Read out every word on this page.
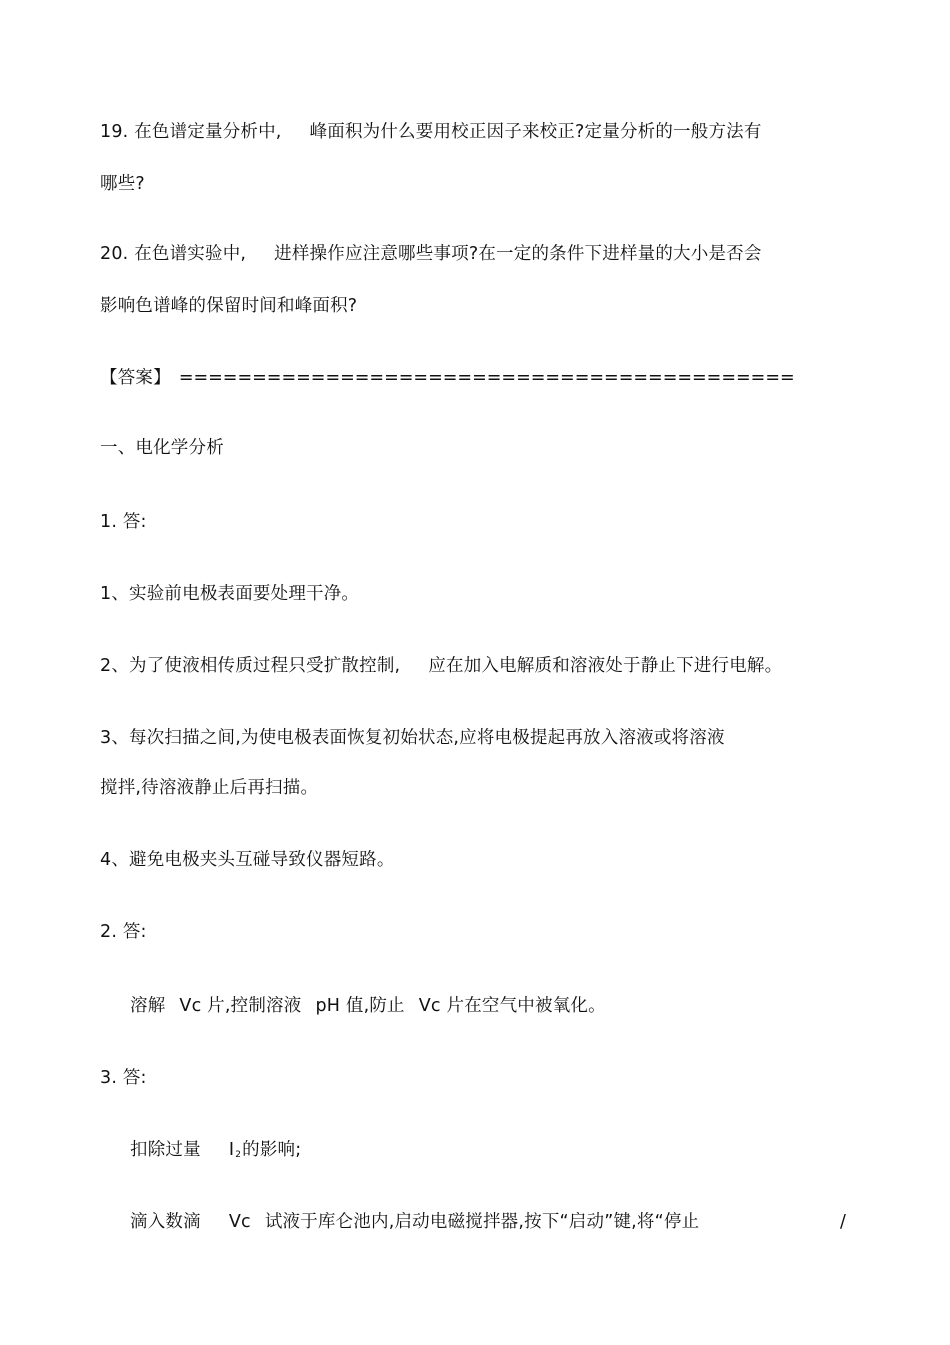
19. 在色谱定量分析中, 峰面积为什么要用校正因子来校正?定量分析的一般方法有
哪些?
20. 在色谱实验中, 进样操作应注意哪些事项?在一定的条件下进样量的大小是否会
影响色谱峰的保留时间和峰面积?
【答案】 ==========================================
一、电化学分析
1. 答:
1、实验前电极表面要处理干净。
2、为了使液相传质过程只受扩散控制, 应在加入电解质和溶液处于静止下进行电解。
3、每次扫描之间,为使电极表面恢复初始状态,应将电极提起再放入溶液或将溶液
搅拌,待溶液静止后再扫描。
4、避免电极夹头互碰导致仪器短路。
2. 答:
溶解 Vc 片,控制溶液 pH 值,防止 Vc 片在空气中被氧化。
3. 答:
扣除过量 $I_2$的影响;
滴入数滴 Vc 试液于库仑池内,启动电磁搅拌器,按下“启动”键,将“停止	/
